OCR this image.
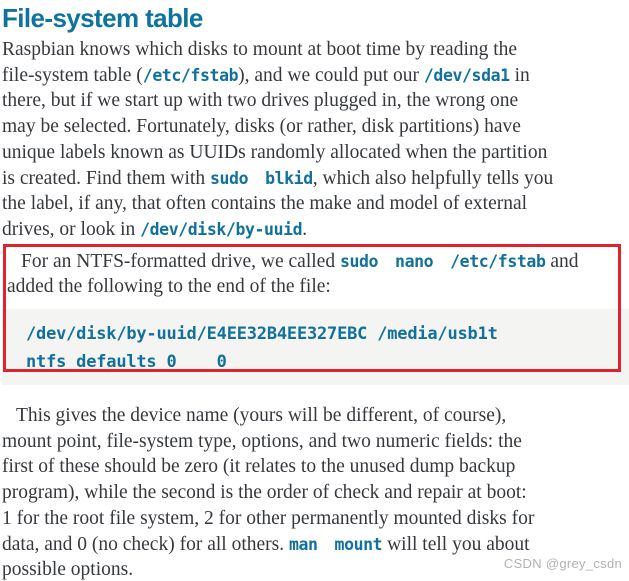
File-system table
Raspbian knows which disks to mount at boot time by reading the
file-system table (/etc/fstab), and we could put our /dev/sda1 in
there, but if we start up with two drives plugged in, the wrong one
may be selected. Fortunately, disks (or rather, disk partitions) have
unique labels known as UUIDs randomly allocated when the partition
is created. Find them with sudo blkid, which also helpfully tells you
the label, if any, that often contains the make and model of external
drives, or look in /dev/disk/by-uuid.
For an NTFS-formatted drive, we called sudo nano /etc/fstab and
added the following to the end of the file:
/dev/disk/by-uuid/E4EE32B4EE327EBC /media/usb1t
ntfs defaults 0    0
This gives the device name (yours will be different, of course),
mount point, file-system type, options, and two numeric fields: the
first of these should be zero (it relates to the unused dump backup
program), while the second is the order of check and repair at boot:
1 for the root file system, 2 for other permanently mounted disks for
data, and 0 (no check) for all others. man mount will tell you about
possible options.	CSDN @grey_csdn
